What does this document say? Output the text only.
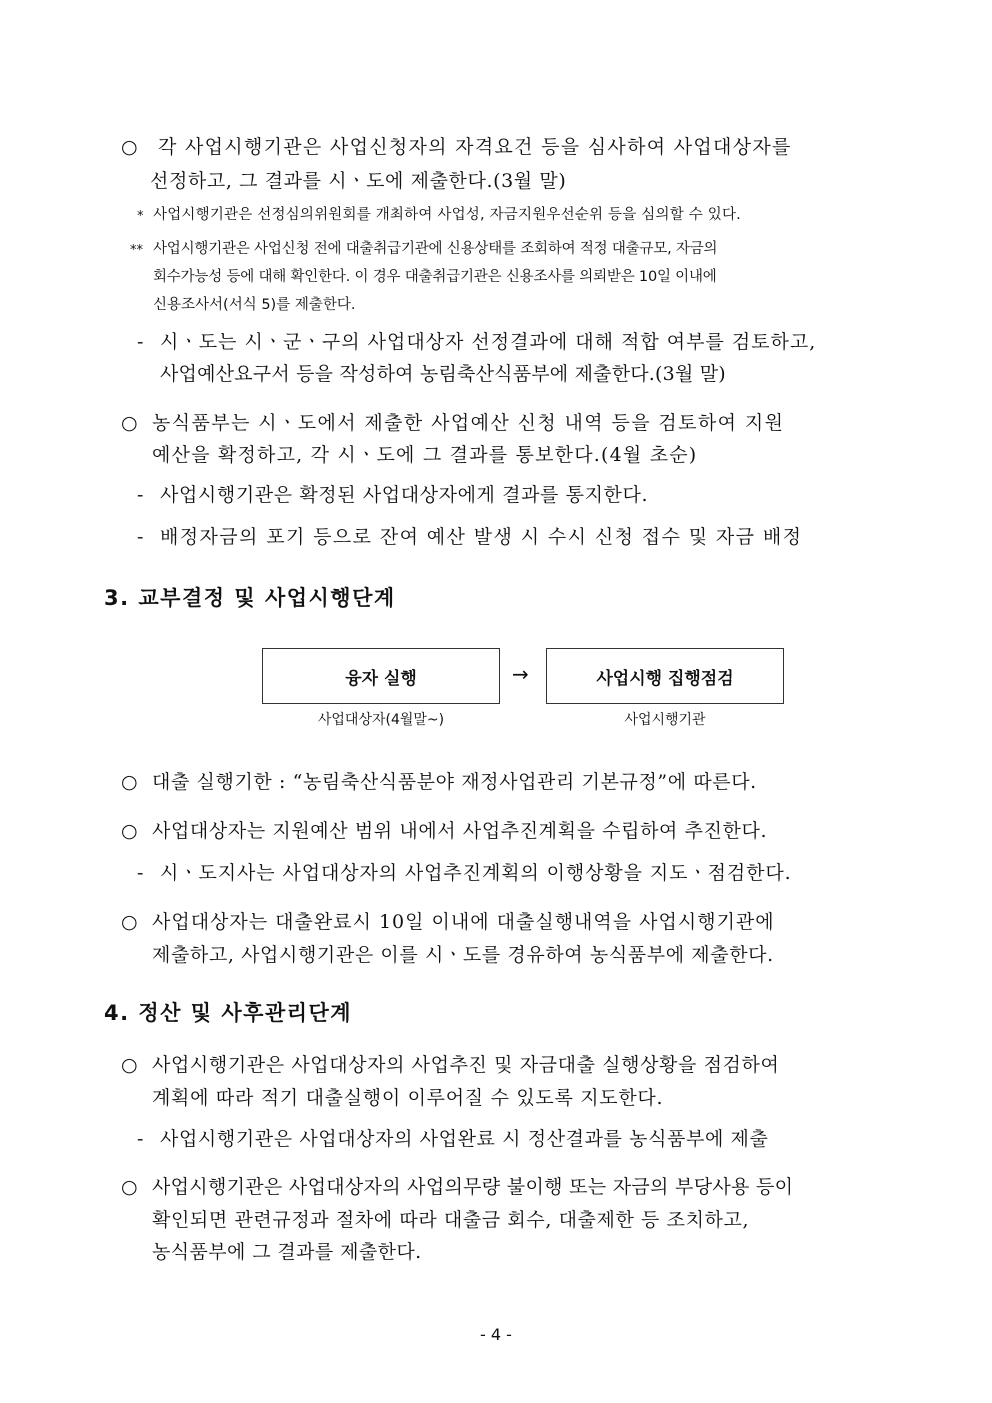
○ 각 사업시행기관은 사업신청자의 자격요건 등을 심사하여 사업대상자를
선정하고, 그 결과를 시ㆍ도에 제출한다.(3월 말)
* 사업시행기관은 선정심의위원회를 개최하여 사업성, 자금지원우선순위 등을 심의할 수 있다.
** 사업시행기관은 사업신청 전에 대출취급기관에 신용상태를 조회하여 적정 대출규모, 자금의
회수가능성 등에 대해 확인한다. 이 경우 대출취급기관은 신용조사를 의뢰받은 10일 이내에
신용조사서(서식 5)를 제출한다.
- 시ㆍ도는 시ㆍ군ㆍ구의 사업대상자 선정결과에 대해 적합 여부를 검토하고,
사업예산요구서 등을 작성하여 농림축산식품부에 제출한다.(3월 말)
○ 농식품부는 시ㆍ도에서 제출한 사업예산 신청 내역 등을 검토하여 지원
예산을 확정하고, 각 시ㆍ도에 그 결과를 통보한다.(4월 초순)
- 사업시행기관은 확정된 사업대상자에게 결과를 통지한다.
- 배정자금의 포기 등으로 잔여 예산 발생 시 수시 신청 접수 및 자금 배정
3. 교부결정 및 사업시행단계
융자 실행	→	사업시행 집행점검
사업대상자(4월말~)	사업시행기관
○ 대출 실행기한 : “농림축산식품분야 재정사업관리 기본규정”에 따른다.
○ 사업대상자는 지원예산 범위 내에서 사업추진계획을 수립하여 추진한다.
- 시ㆍ도지사는 사업대상자의 사업추진계획의 이행상황을 지도ㆍ점검한다.
○ 사업대상자는 대출완료시 10일 이내에 대출실행내역을 사업시행기관에
제출하고, 사업시행기관은 이를 시ㆍ도를 경유하여 농식품부에 제출한다.
4. 정산 및 사후관리단계
○ 사업시행기관은 사업대상자의 사업추진 및 자금대출 실행상황을 점검하여
계획에 따라 적기 대출실행이 이루어질 수 있도록 지도한다.
- 사업시행기관은 사업대상자의 사업완료 시 정산결과를 농식품부에 제출
○ 사업시행기관은 사업대상자의 사업의무량 불이행 또는 자금의 부당사용 등이
확인되면 관련규정과 절차에 따라 대출금 회수, 대출제한 등 조치하고,
농식품부에 그 결과를 제출한다.
- 4 -
